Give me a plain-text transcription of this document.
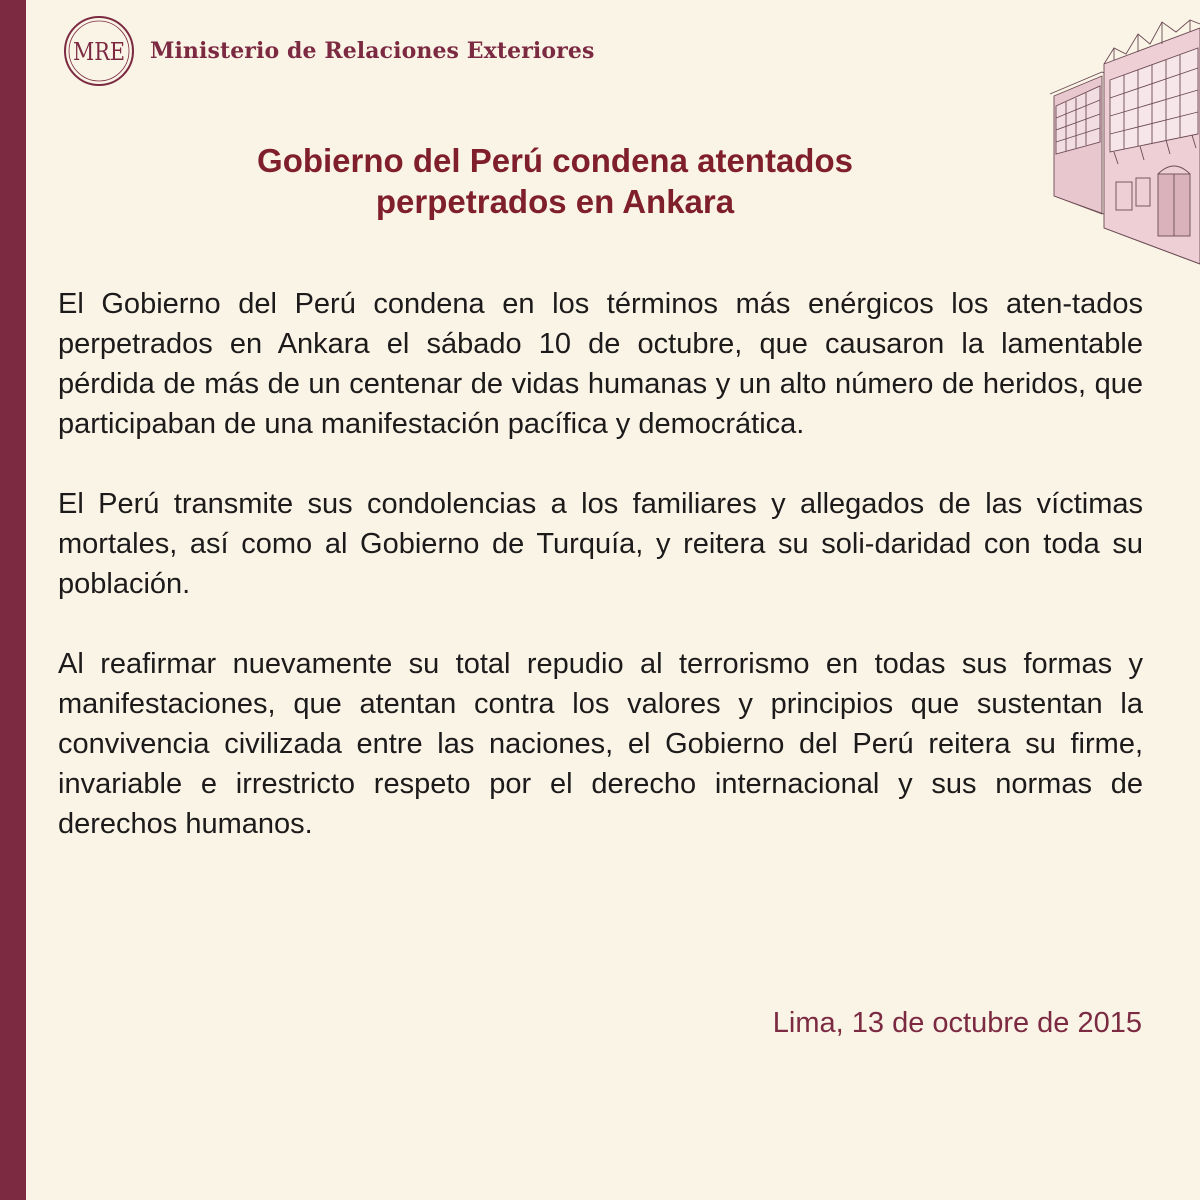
MRE Ministerio de Relaciones Exteriores
Gobierno del Perú condena atentados
perpetrados en Ankara

El Gobierno del Perú condena en los términos más enérgicos los aten-tados perpetrados en Ankara el sábado 10 de octubre, que causaron la lamentable pérdida de más de un centenar de vidas humanas y un alto número de heridos, que participaban de una manifestación pacífica y democrática.

El Perú transmite sus condolencias a los familiares y allegados de las víctimas mortales, así como al Gobierno de Turquía, y reitera su soli-daridad con toda su población.

Al reafirmar nuevamente su total repudio al terrorismo en todas sus formas y manifestaciones, que atentan contra los valores y principios que sustentan la convivencia civilizada entre las naciones, el Gobierno del Perú reitera su firme, invariable e irrestricto respeto por el derecho internacional y sus normas de derechos humanos.

Lima, 13 de octubre de 2015
